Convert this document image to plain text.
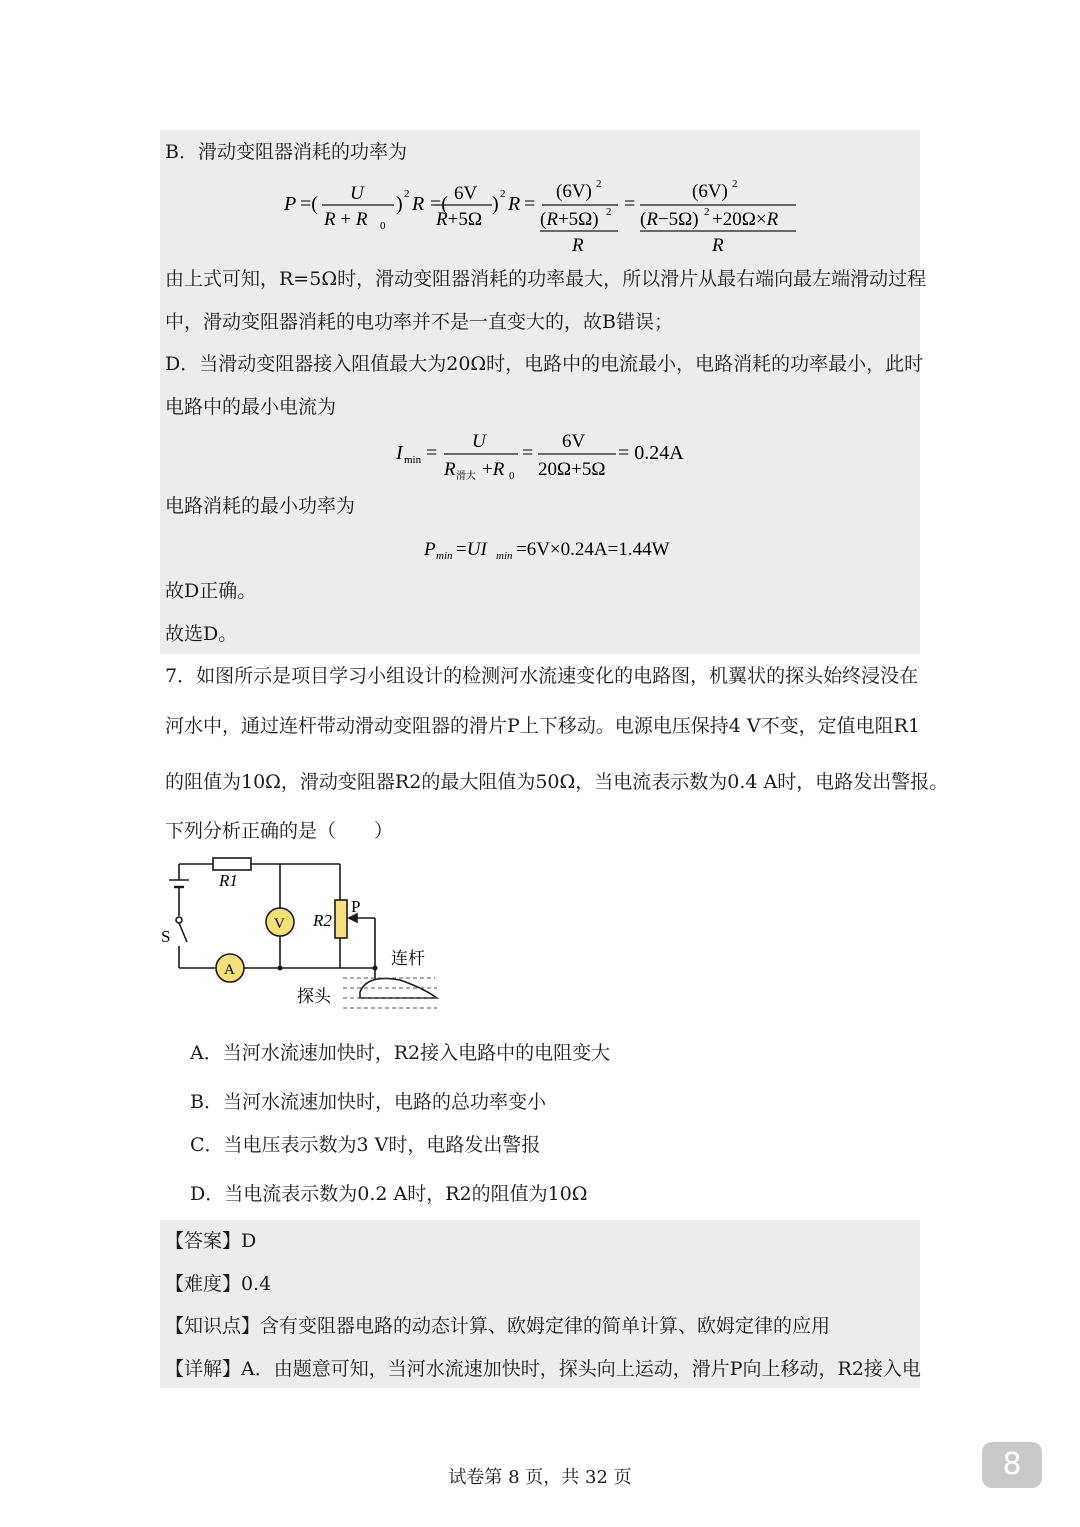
B．滑动变阻器消耗的功率为
P =( U
R + R 0
) 2 R =( 6V
R+5Ω
) 2 R =
(6V) 2
(R+5Ω) 2
R
=
(6V) 2
(R−5Ω) 2 +20Ω×R
R
由上式可知，R=5Ω时，滑动变阻器消耗的功率最大，所以滑片从最右端向最左端滑动过程
中，滑动变阻器消耗的电功率并不是一直变大的，故B错误；
D．当滑动变阻器接入阻值最大为20Ω时，电路中的电流最小，电路消耗的功率最小，此时
电路中的最小电流为
I min =
U
R 滑大 +R 0
=
6V
20Ω+5Ω
= 0.24A
电路消耗的最小功率为
P min =UI min =6V×0.24A=1.44W
故D正确。
故选D。
7．如图所示是项目学习小组设计的检测河水流速变化的电路图，机翼状的探头始终浸没在
河水中，通过连杆带动滑动变阻器的滑片P上下移动。电源电压保持4 V不变，定值电阻R1
的阻值为10Ω，滑动变阻器R2的最大阻值为50Ω，当电流表示数为0.4 A时，电路发出警报。
下列分析正确的是（　　）
R1
R2
P
V
A
S
连杆
探头
A．当河水流速加快时，R2接入电路中的电阻变大
B．当河水流速加快时，电路的总功率变小
C．当电压表示数为3 V时，电路发出警报
D．当电流表示数为0.2 A时，R2的阻值为10Ω
【答案】D
【难度】0.4
【知识点】含有变阻器电路的动态计算、欧姆定律的简单计算、欧姆定律的应用
【详解】A．由题意可知，当河水流速加快时，探头向上运动，滑片P向上移动，R2接入电
试卷第 8 页，共 32 页	8
